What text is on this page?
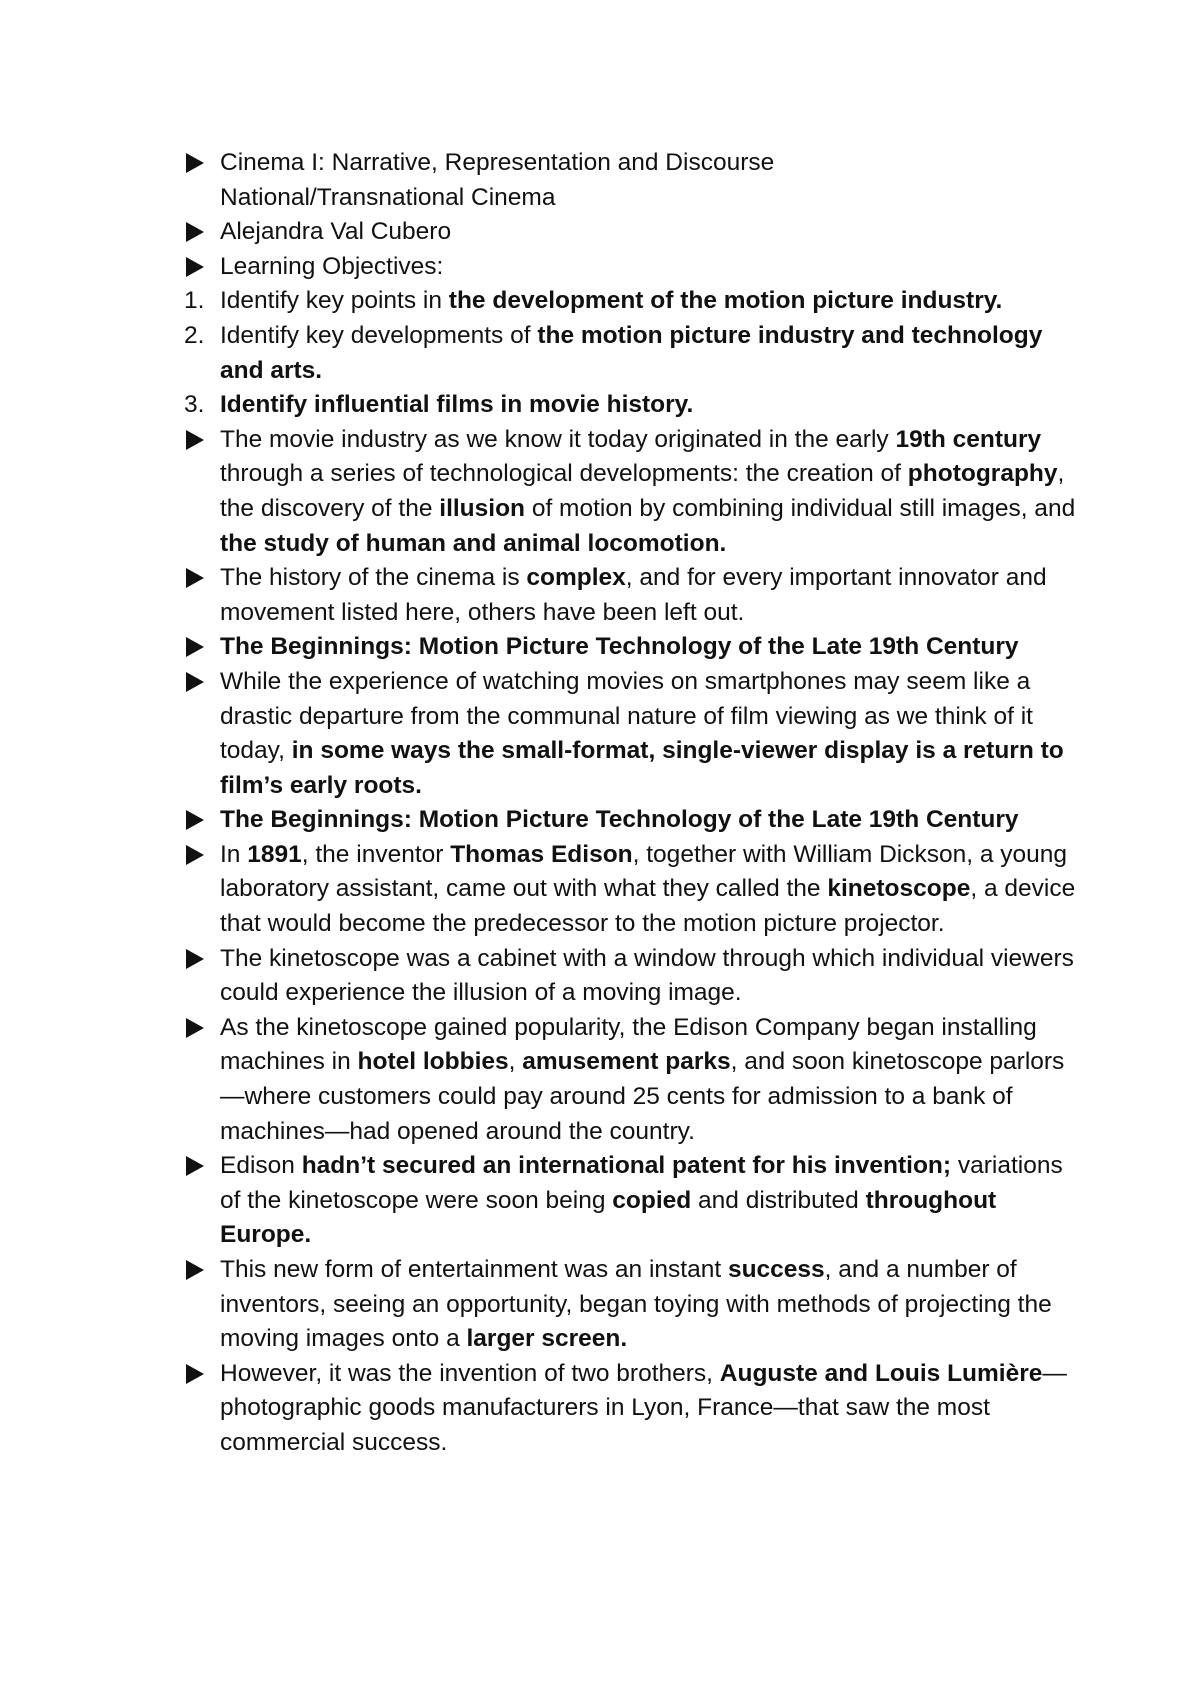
Cinema I: Narrative, Representation and Discourse
National/Transnational Cinema
Alejandra Val Cubero
Learning Objectives:
1. Identify key points in the development of the motion picture industry.
2. Identify key developments of the motion picture industry and technology and arts.
3. Identify influential films in movie history.
The movie industry as we know it today originated in the early 19th century through a series of technological developments: the creation of photography, the discovery of the illusion of motion by combining individual still images, and the study of human and animal locomotion.
The history of the cinema is complex, and for every important innovator and movement listed here, others have been left out.
The Beginnings: Motion Picture Technology of the Late 19th Century
While the experience of watching movies on smartphones may seem like a drastic departure from the communal nature of film viewing as we think of it today, in some ways the small-format, single-viewer display is a return to film’s early roots.
The Beginnings: Motion Picture Technology of the Late 19th Century
In 1891, the inventor Thomas Edison, together with William Dickson, a young laboratory assistant, came out with what they called the kinetoscope, a device that would become the predecessor to the motion picture projector.
The kinetoscope was a cabinet with a window through which individual viewers could experience the illusion of a moving image.
As the kinetoscope gained popularity, the Edison Company began installing machines in hotel lobbies, amusement parks, and soon kinetoscope parlors—where customers could pay around 25 cents for admission to a bank of machines—had opened around the country.
Edison hadn’t secured an international patent for his invention; variations of the kinetoscope were soon being copied and distributed throughout Europe.
This new form of entertainment was an instant success, and a number of inventors, seeing an opportunity, began toying with methods of projecting the moving images onto a larger screen.
However, it was the invention of two brothers, Auguste and Louis Lumière—photographic goods manufacturers in Lyon, France—that saw the most commercial success.
